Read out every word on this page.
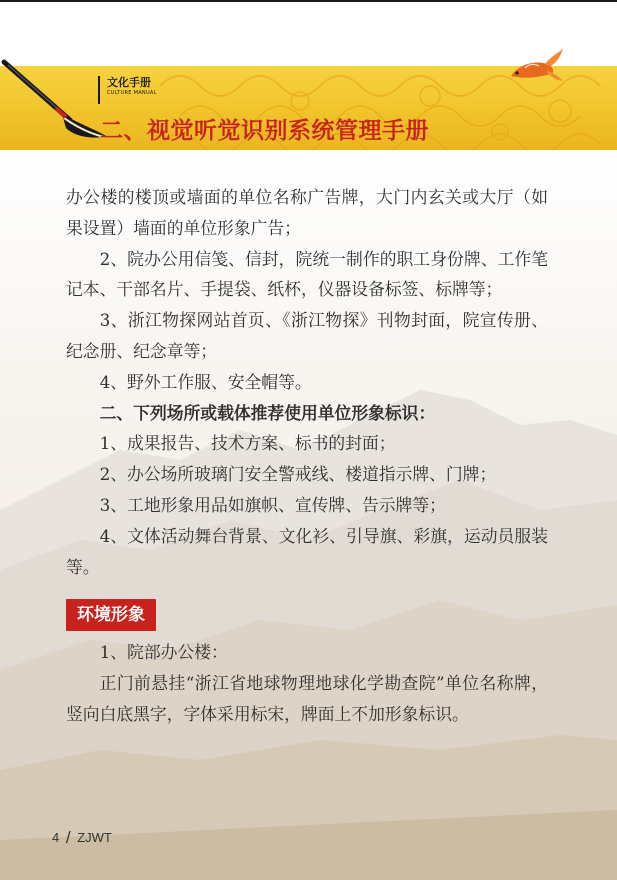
文化手册
CULTURE MANUAL
二、视觉听觉识别系统管理手册

办公楼的楼顶或墙面的单位名称广告牌，大门内玄关或大厅（如果设置）墙面的单位形象广告；

2、院办公用信笺、信封，院统一制作的职工身份牌、工作笔记本、干部名片、手提袋、纸杯，仪器设备标签、标牌等；

3、浙江物探网站首页、《浙江物探》刊物封面，院宣传册、纪念册、纪念章等；

4、野外工作服、安全帽等。

二、下列场所或载体推荐使用单位形象标识：

1、成果报告、技术方案、标书的封面；

2、办公场所玻璃门安全警戒线、楼道指示牌、门牌；

3、工地形象用品如旗帜、宣传牌、告示牌等；

4、文体活动舞台背景、文化衫、引导旗、彩旗，运动员服装等。

环境形象

1、院部办公楼：

正门前悬挂“浙江省地球物理地球化学勘查院”单位名称牌，竖向白底黑字，字体采用标宋，牌面上不加形象标识。

4 / ZJWT
